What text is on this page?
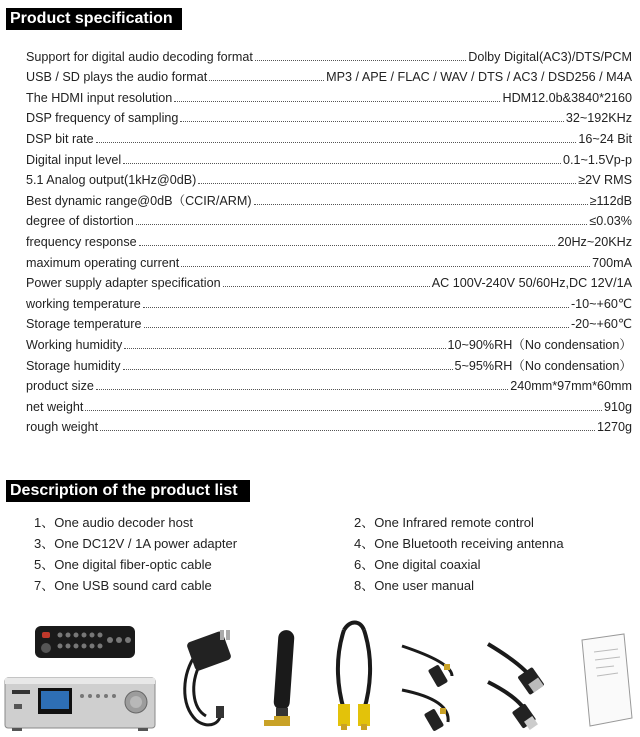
Product specification
Support for digital audio decoding format	Dolby Digital(AC3)/DTS/PCM
USB / SD plays the audio format	MP3 / APE / FLAC / WAV / DTS / AC3 / DSD256 / M4A
The HDMI input resolution	HDM12.0b&3840*2160
DSP frequency of sampling	32~192KHz
DSP bit rate	16~24 Bit
Digital input level	0.1~1.5Vp-p
5.1 Analog output(1kHz@0dB)	≥2V RMS
Best dynamic range@0dB（CCIR/ARM)	≥112dB
degree of distortion	≤0.03%
frequency response	20Hz~20KHz
maximum operating current	700mA
Power supply adapter specification	AC 100V-240V 50/60Hz,DC 12V/1A
working temperature	-10~+60℃
Storage temperature	-20~+60℃
Working humidity	10~90%RH（No condensation）
Storage humidity	5~95%RH（No condensation）
product size	240mm*97mm*60mm
net weight	910g
rough weight	1270g
Description of the product list
1、One audio decoder host	2、One Infrared remote control
3、One DC12V / 1A power adapter	4、One Bluetooth receiving antenna
5、One digital fiber-optic cable	6、One digital coaxial
7、One USB sound card cable	8、One user manual
